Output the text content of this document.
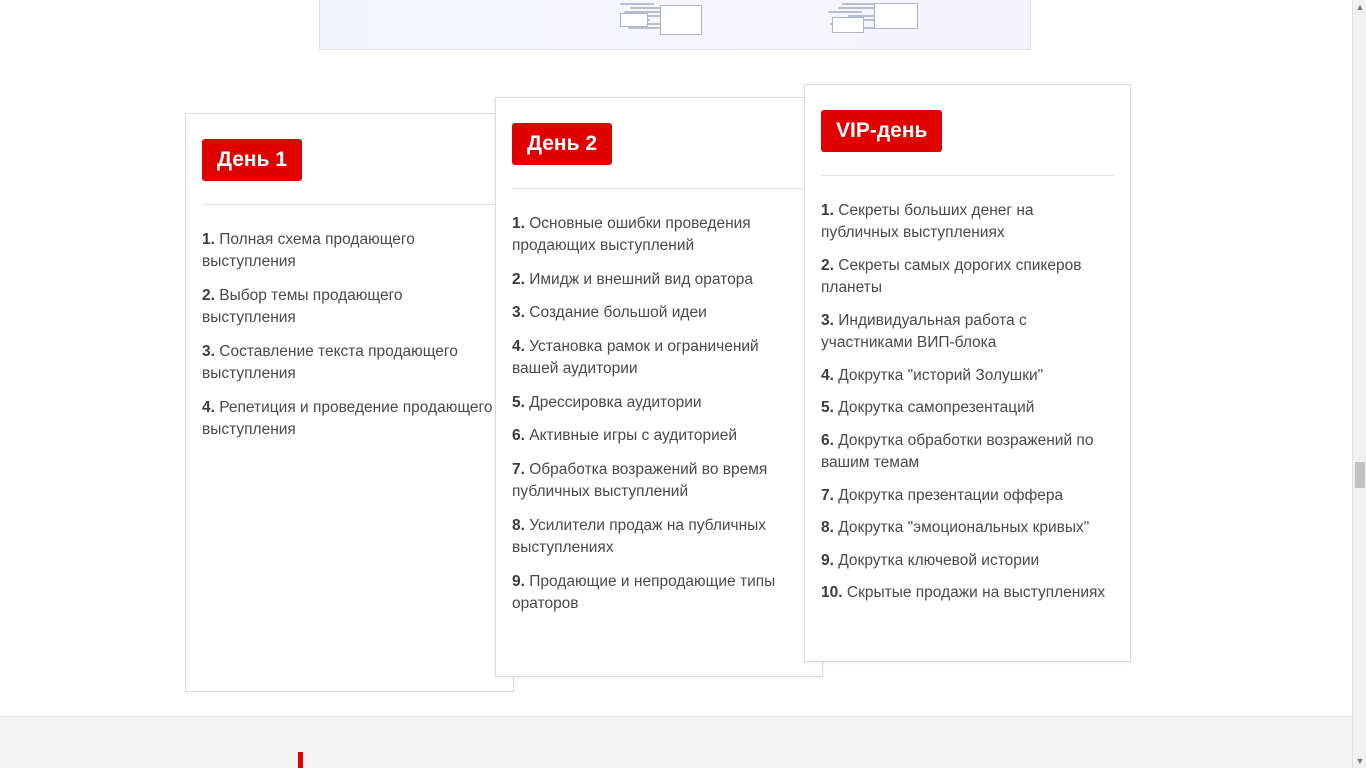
День 1
1. Полная схема продающего выступления
2. Выбор темы продающего выступления
3. Составление текста продающего выступления
4. Репетиция и проведение продающего выступления
День 2
1. Основные ошибки проведения продающих выступлений
2. Имидж и внешний вид оратора
3. Создание большой идеи
4. Установка рамок и ограничений вашей аудитории
5. Дрессировка аудитории
6. Активные игры с аудиторией
7. Обработка возражений во время публичных выступлений
8. Усилители продаж на публичных выступлениях
9. Продающие и непродающие типы ораторов
VIP-день
1. Секреты больших денег на публичных выступлениях
2. Секреты самых дорогих спикеров планеты
3. Индивидуальная работа с участниками ВИП-блока
4. Докрутка "историй Золушки"
5. Докрутка самопрезентаций
6. Докрутка обработки возражений по вашим темам
7. Докрутка презентации оффера
8. Докрутка "эмоциональных кривых"
9. Докрутка ключевой истории
10. Скрытые продажи на выступлениях
▲
▼
